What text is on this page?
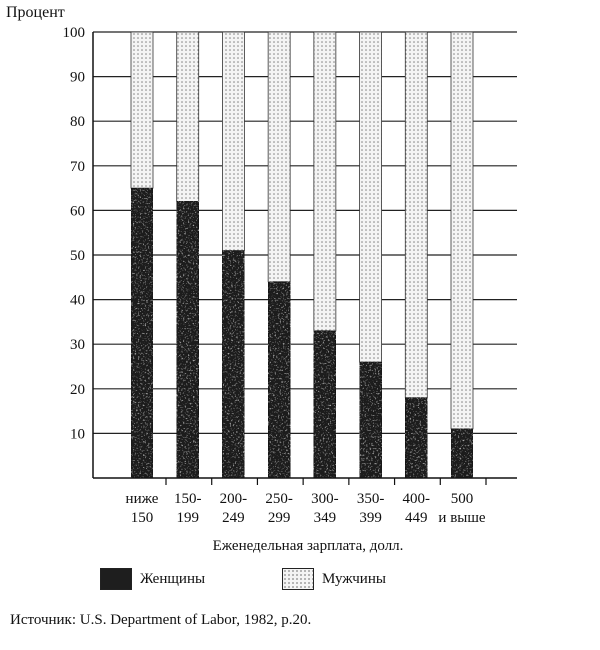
10
20
30
40
50
60
70
80
90
100
Процент
ниже
150
150-
199
200-
249
250-
299
300-
349
350-
399
400-
449
500
и выше
Еженедельная зарплата, долл.
Женщины	Мужчины
Источник: U.S. Department of Labor, 1982, p.20.
